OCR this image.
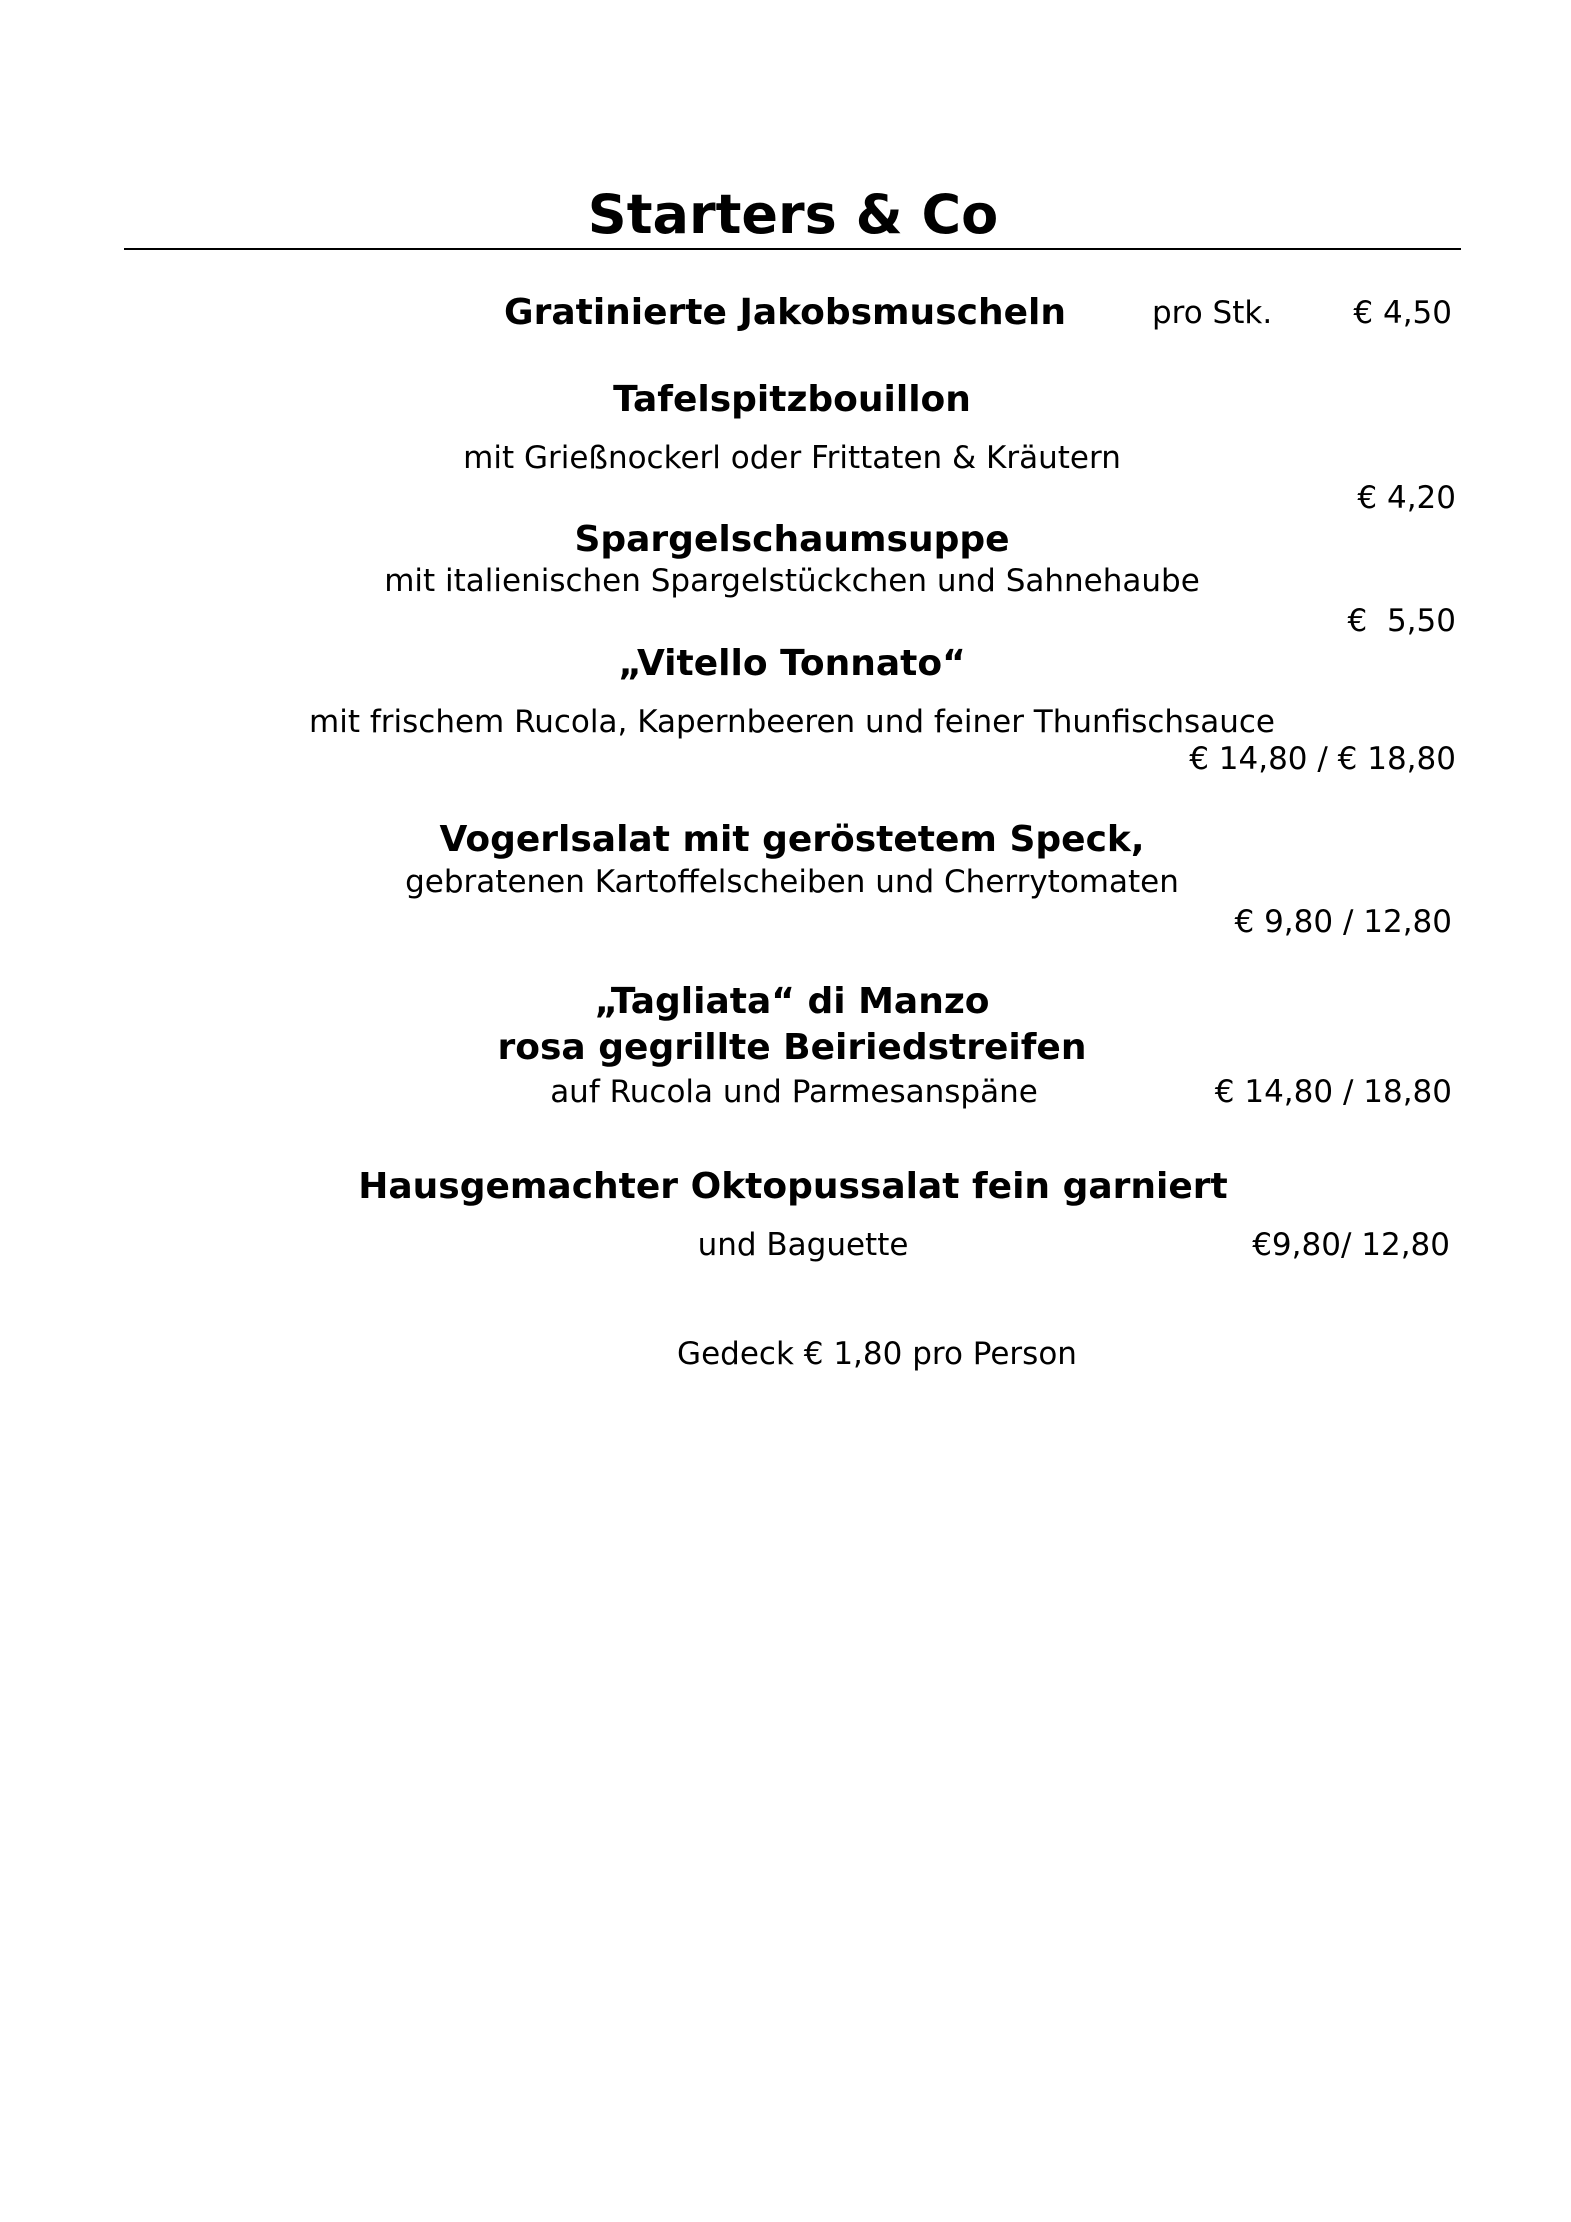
Starters & Co
Gratinierte Jakobsmuscheln	pro Stk.	€ 4,50
Tafelspitzbouillon
mit Grießnockerl oder Frittaten & Kräutern
€ 4,20
Spargelschaumsuppe
mit italienischen Spargelstückchen und Sahnehaube
€  5,50
„Vitello Tonnato“
mit frischem Rucola, Kapernbeeren und feiner Thunfischsauce
€ 14,80 / € 18,80
Vogerlsalat mit geröstetem Speck,
gebratenen Kartoffelscheiben und Cherrytomaten
€ 9,80 / 12,80
„Tagliata“ di Manzo
rosa gegrillte Beiriedstreifen
auf Rucola und Parmesanspäne	€ 14,80 / 18,80
Hausgemachter Oktopussalat fein garniert
und Baguette	€9,80/ 12,80
Gedeck € 1,80 pro Person
